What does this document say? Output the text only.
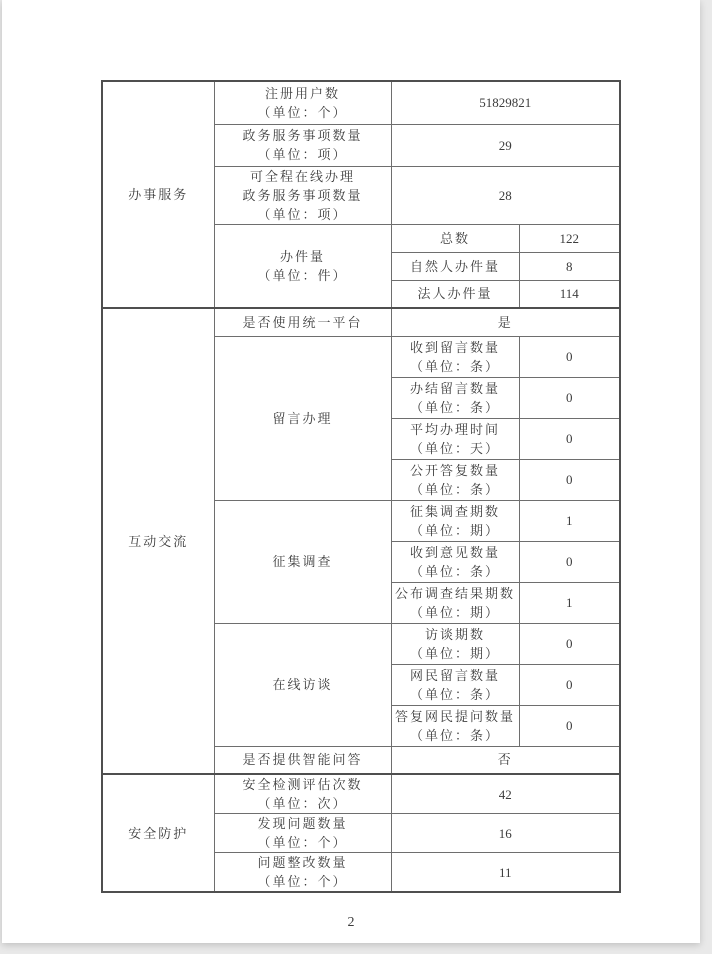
办事服务	注册用户数
（单位：个）	51829821	

	政务服务事项数量
（单位：项）	29	

	可全程在线办理
政务服务事项数量
（单位：项）	28	

	办件量
（单位：件）	总数	122
		自然人办件量	8
		法人办件量	114
互动交流	是否使用统一平台	是	
	留言办理	收到留言数量
（单位：条）	0

		办结留言数量
（单位：条）	0

		平均办理时间
（单位：天）	0

		公开答复数量
（单位：条）	0
	征集调查	征集调查期数
（单位：期）	1

		收到意见数量
（单位：条）	0

		公布调查结果期数
（单位：期）	1
	在线访谈	访谈期数
（单位：期）	0

		网民留言数量
（单位：条）	0

		答复网民提问数量
（单位：条）	0
	是否提供智能问答	否	
安全防护	安全检测评估次数
（单位：次）	42	

	发现问题数量
（单位：个）	16	

	问题整改数量
（单位：个）	11	
2
